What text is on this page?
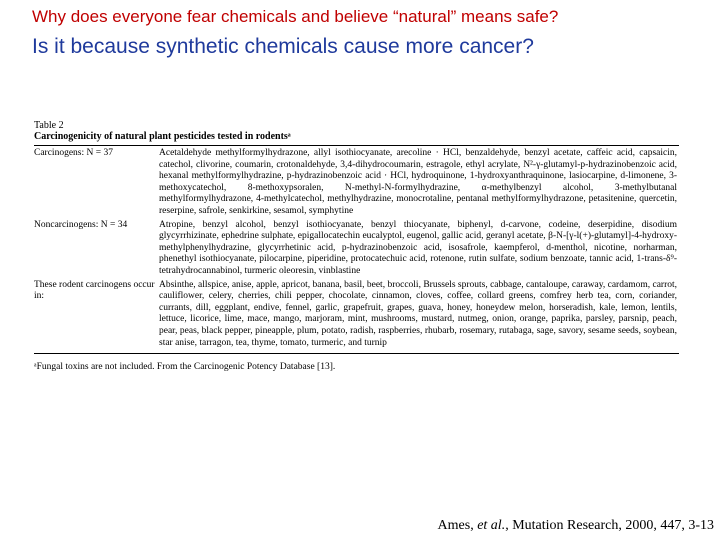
Why does everyone fear chemicals and believe “natural” means safe?
Is it because synthetic chemicals cause more cancer?
Table 2
Carcinogenicity of natural plant pesticides tested in rodentsᵃ
Carcinogens: N = 37	Acetaldehyde methylformylhydrazone, allyl isothiocyanate, arecoline · HCl, benzaldehyde, benzyl acetate, caffeic acid, capsaicin, catechol, clivorine, coumarin, crotonaldehyde, 3,4-dihydrocoumarin, estragole, ethyl acrylate, N²-γ-glutamyl-p-hydrazinobenzoic acid, hexanal methylformylhydrazine, p-hydrazinobenzoic acid · HCl, hydroquinone, 1-hydroxyanthraquinone, lasiocarpine, d-limonene, 3-methoxycatechol, 8-methoxypsoralen, N-methyl-N-formylhydrazine, α-methylbenzyl alcohol, 3-methylbutanal methylformylhydrazone, 4-methylcatechol, methylhydrazine, monocrotaline, pentanal methylformylhydrazone, petasitenine, quercetin, reserpine, safrole, senkirkine, sesamol, symphytine
Noncarcinogens: N = 34	Atropine, benzyl alcohol, benzyl isothiocyanate, benzyl thiocyanate, biphenyl, d-carvone, codeine, deserpidine, disodium glycyrrhizinate, ephedrine sulphate, epigallocatechin eucalyptol, eugenol, gallic acid, geranyl acetate, β-N-[γ-l(+)-glutamyl]-4-hydroxy-methylphenylhydrazine, glycyrrhetinic acid, p-hydrazinobenzoic acid, isosafrole, kaempferol, d-menthol, nicotine, norharman, phenethyl isothiocyanate, pilocarpine, piperidine, protocatechuic acid, rotenone, rutin sulfate, sodium benzoate, tannic acid, 1-trans-δ⁹-tetrahydrocannabinol, turmeric oleoresin, vinblastine
These rodent carcinogens occur in:
Absinthe, allspice, anise, apple, apricot, banana, basil, beet, broccoli, Brussels sprouts, cabbage, cantaloupe, caraway, cardamom, carrot, cauliflower, celery, cherries, chili pepper, chocolate, cinnamon, cloves, coffee, collard greens, comfrey herb tea, corn, coriander, currants, dill, eggplant, endive, fennel, garlic, grapefruit, grapes, guava, honey, honeydew melon, horseradish, kale, lemon, lentils, lettuce, licorice, lime, mace, mango, marjoram, mint, mushrooms, mustard, nutmeg, onion, orange, paprika, parsley, parsnip, peach, pear, peas, black pepper, pineapple, plum, potato, radish, raspberries, rhubarb, rosemary, rutabaga, sage, savory, sesame seeds, soybean, star anise, tarragon, tea, thyme, tomato, turmeric, and turnip
ᵃFungal toxins are not included. From the Carcinogenic Potency Database [13].
Ames, et al., Mutation Research, 2000, 447, 3-13
